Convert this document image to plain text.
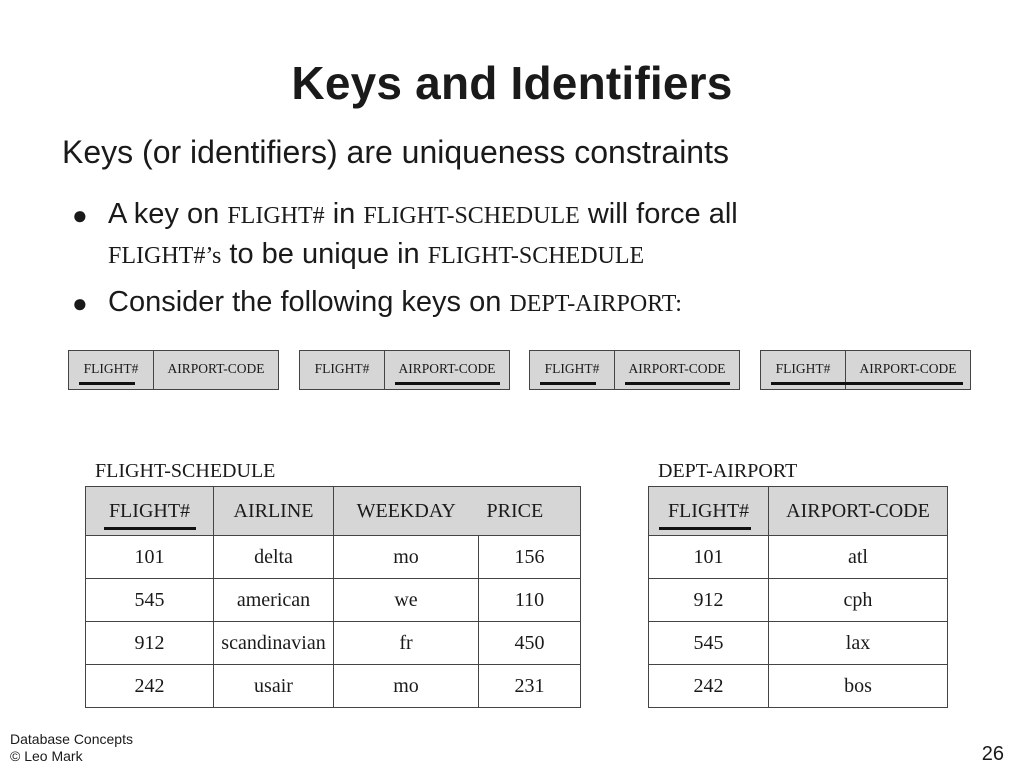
Keys and Identifiers
Keys (or identifiers) are uniqueness constraints
● A key on FLIGHT# in FLIGHT-SCHEDULE will force all
FLIGHT#’s to be unique in FLIGHT-SCHEDULE
● Consider the following keys on DEPT-AIRPORT:
FLIGHT#	AIRPORT-CODE	FLIGHT#	AIRPORT-CODE	FLIGHT#	AIRPORT-CODE	FLIGHT#	AIRPORT-CODE
FLIGHT-SCHEDULE
FLIGHT#	AIRLINE	WEEKDAY	PRICE
101	delta	mo	156
545	american	we	110
912	scandinavian	fr	450
242	usair	mo	231
DEPT-AIRPORT
FLIGHT#	AIRPORT-CODE
101	atl
912	cph
545	lax
242	bos
Database Concepts
© Leo Mark	26
